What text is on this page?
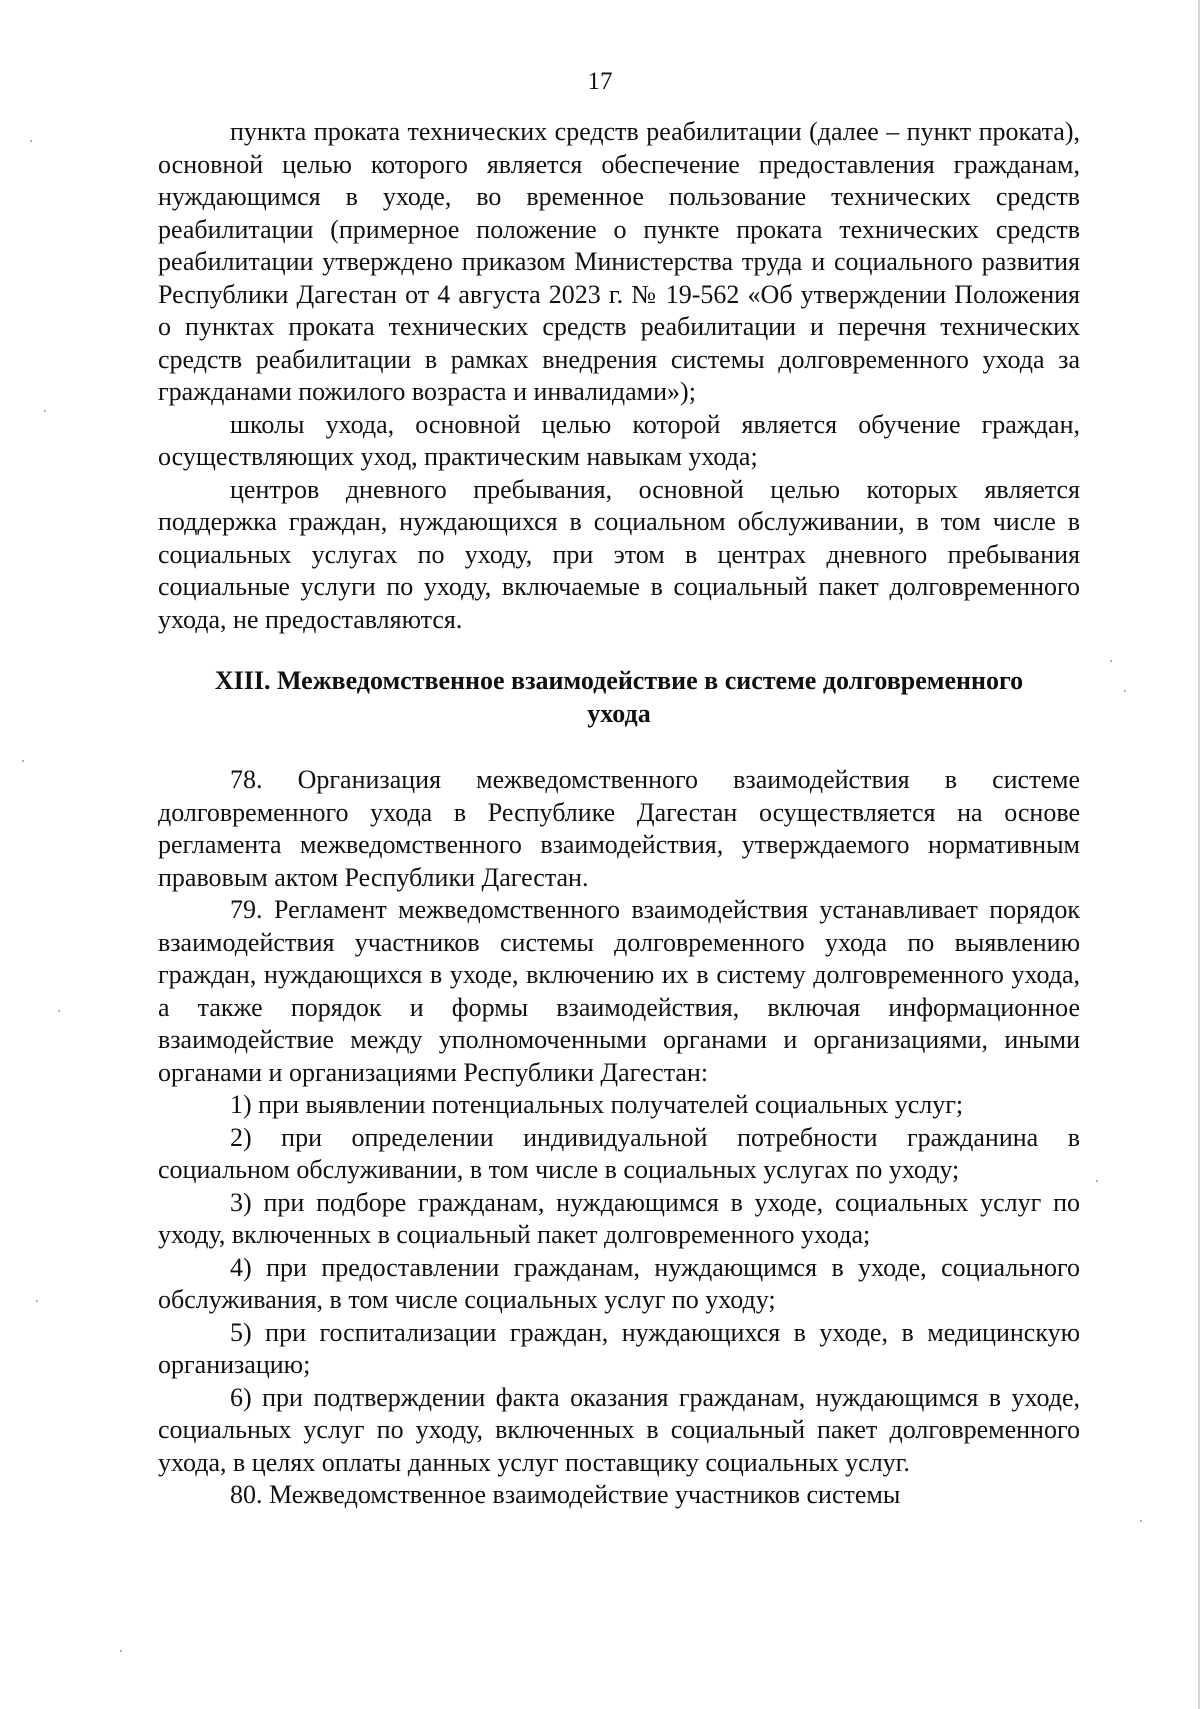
17

пункта проката технических средств реабилитации (далее – пункт проката), основной целью которого является обеспечение предоставления гражданам, нуждающимся в уходе, во временное пользование технических средств реабилитации (примерное положение о пункте проката технических средств реабилитации утверждено приказом Министерства труда и социального развития Республики Дагестан от 4 августа 2023 г. № 19-562 «Об утверждении Положения о пунктах проката технических средств реабилитации и перечня технических средств реабилитации в рамках внедрения системы долговременного ухода за гражданами пожилого возраста и инвалидами»);

школы ухода, основной целью которой является обучение граждан, осуществляющих уход, практическим навыкам ухода;

центров дневного пребывания, основной целью которых является поддержка граждан, нуждающихся в социальном обслуживании, в том числе в социальных услугах по уходу, при этом в центрах дневного пребывания социальные услуги по уходу, включаемые в социальный пакет долговременного ухода, не предоставляются.

XIII. Межведомственное взаимодействие в системе долговременного
ухода

78. Организация межведомственного взаимодействия в системе долговременного ухода в Республике Дагестан осуществляется на основе регламента межведомственного взаимодействия, утверждаемого нормативным правовым актом Республики Дагестан.

79. Регламент межведомственного взаимодействия устанавливает порядок взаимодействия участников системы долговременного ухода по выявлению граждан, нуждающихся в уходе, включению их в систему долговременного ухода, а также порядок и формы взаимодействия, включая информационное взаимодействие между уполномоченными органами и организациями, иными органами и организациями Республики Дагестан:

1) при выявлении потенциальных получателей социальных услуг;

2) при определении индивидуальной потребности гражданина в социальном обслуживании, в том числе в социальных услугах по уходу;

3) при подборе гражданам, нуждающимся в уходе, социальных услуг по уходу, включенных в социальный пакет долговременного ухода;

4) при предоставлении гражданам, нуждающимся в уходе, социального обслуживания, в том числе социальных услуг по уходу;

5) при госпитализации граждан, нуждающихся в уходе, в медицинскую организацию;

6) при подтверждении факта оказания гражданам, нуждающимся в уходе, социальных услуг по уходу, включенных в социальный пакет долговременного ухода, в целях оплаты данных услуг поставщику социальных услуг.

80. Межведомственное взаимодействие участников системы
